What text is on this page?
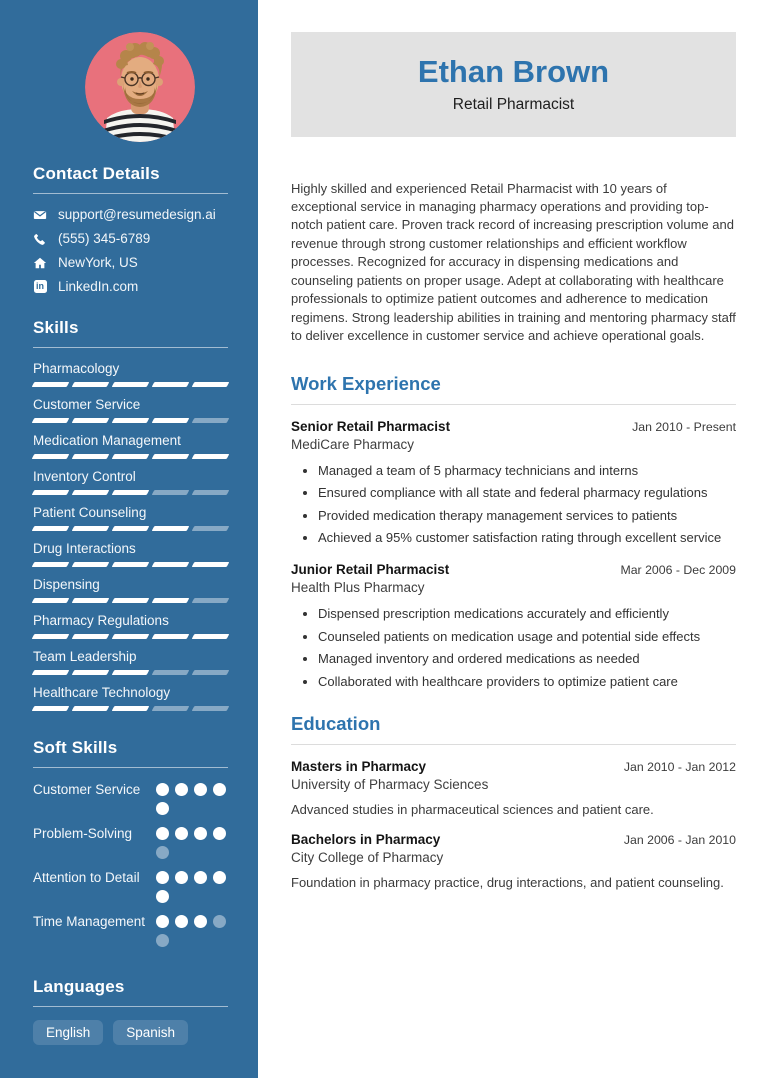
Contact Details
support@resumedesign.ai
(555) 345-6789
NewYork, US
in LinkedIn.com
Skills
Pharmacology
Customer Service
Medication Management
Inventory Control
Patient Counseling
Drug Interactions
Dispensing
Pharmacy Regulations
Team Leadership
Healthcare Technology
Soft Skills
Customer Service
Problem-Solving
Attention to Detail
Time Management
Languages
English	Spanish
Ethan Brown
Retail Pharmacist

Highly skilled and experienced Retail Pharmacist with 10 years of exceptional service in managing pharmacy operations and providing top-notch patient care. Proven track record of increasing prescription volume and revenue through strong customer relationships and efficient workflow processes. Recognized for accuracy in dispensing medications and counseling patients on proper usage. Adept at collaborating with healthcare professionals to optimize patient outcomes and adherence to medication regimens. Strong leadership abilities in training and mentoring pharmacy staff to deliver excellence in customer service and achieve operational goals.

Work Experience
Senior Retail Pharmacist	Jan 2010 - Present
MediCare Pharmacy
• Managed a team of 5 pharmacy technicians and interns
• Ensured compliance with all state and federal pharmacy regulations
• Provided medication therapy management services to patients
• Achieved a 95% customer satisfaction rating through excellent service
Junior Retail Pharmacist	Mar 2006 - Dec 2009
Health Plus Pharmacy
• Dispensed prescription medications accurately and efficiently
• Counseled patients on medication usage and potential side effects
• Managed inventory and ordered medications as needed
• Collaborated with healthcare providers to optimize patient care
Education
Masters in Pharmacy	Jan 2010 - Jan 2012
University of Pharmacy Sciences
Advanced studies in pharmaceutical sciences and patient care.
Bachelors in Pharmacy	Jan 2006 - Jan 2010
City College of Pharmacy
Foundation in pharmacy practice, drug interactions, and patient counseling.
